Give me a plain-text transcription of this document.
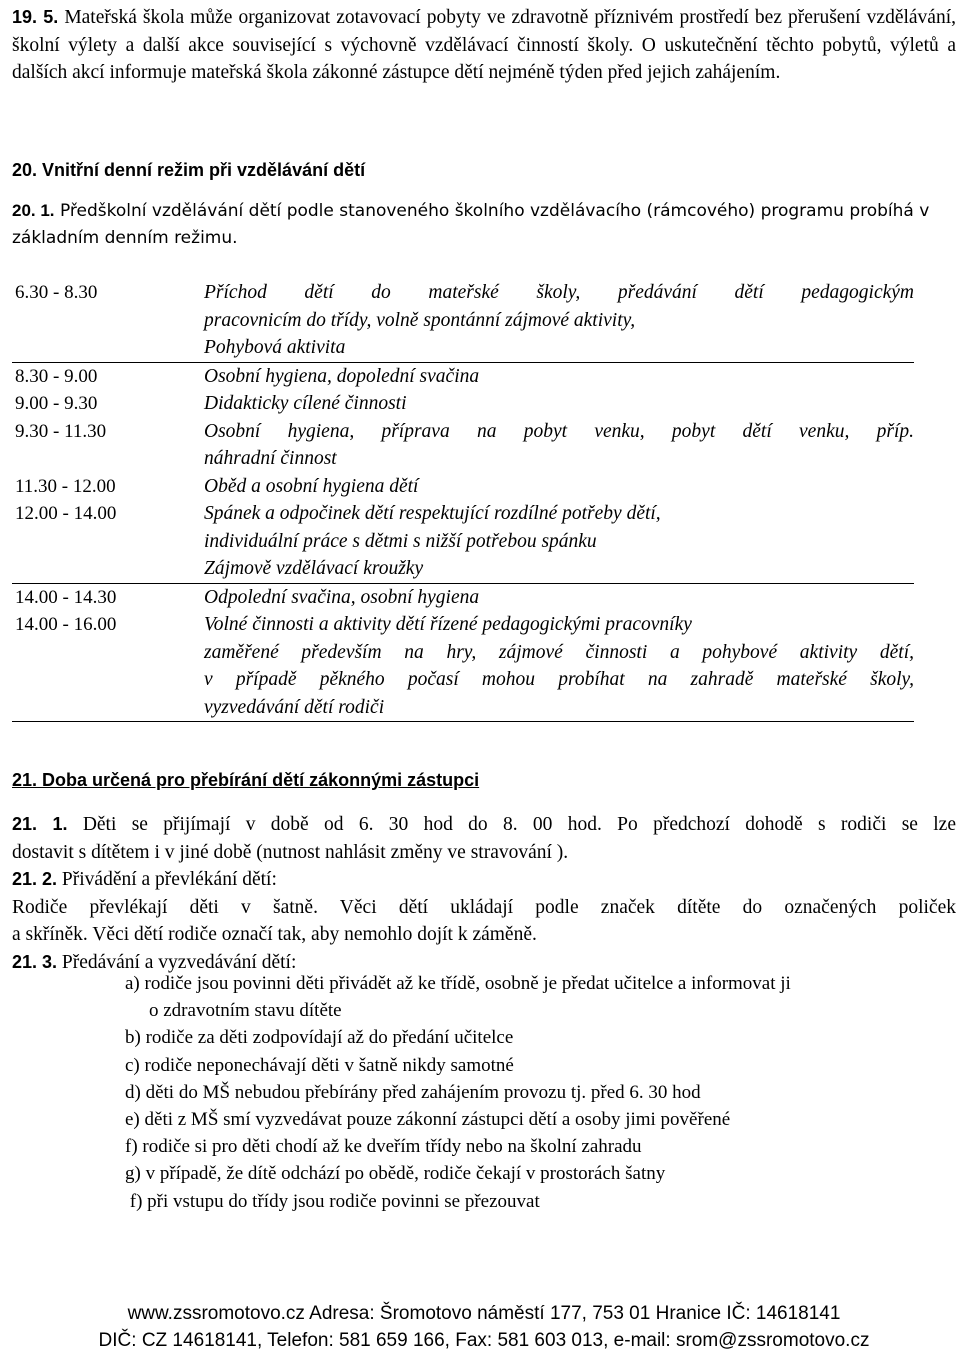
19. 5. Mateřská škola může organizovat zotavovací pobyty ve zdravotně příznivém prostředí bez přerušení vzdělávání, školní výlety a další akce související s výchovně vzdělávací činností školy. O uskutečnění těchto pobytů, výletů a dalších akcí informuje mateřská škola zákonné zástupce dětí nejméně týden před jejich zahájením.
20. Vnitřní denní režim při vzdělávání dětí
20. 1. Předškolní vzdělávání dětí podle stanoveného školního vzdělávacího (rámcového) programu probíhá v základním denním režimu.
6.30 - 8.30	Příchod dětí do mateřské školy, předávání dětí pedagogickým
pracovnicím do třídy, volně spontánní zájmové aktivity,
Pohybová aktivita

8.30 - 9.00	Osobní hygiena, dopolední svačina

9.00 - 9.30	Didakticky cílené činnosti

9.30 - 11.30	Osobní hygiena, příprava na pobyt venku, pobyt dětí venku, příp.
náhradní činnost

11.30 - 12.00	Oběd a osobní hygiena dětí

12.00 - 14.00	Spánek a odpočinek dětí respektující rozdílné potřeby dětí,
individuální práce s dětmi s nižší potřebou spánku
Zájmově vzdělávací kroužky

14.00 - 14.30	Odpolední svačina, osobní hygiena

14.00 - 16.00	Volné činnosti a aktivity dětí řízené pedagogickými pracovníky
zaměřené především na hry, zájmové činnosti a pohybové aktivity dětí,
v případě pěkného počasí mohou probíhat na zahradě mateřské školy,
vyzvedávání dětí rodiči
21. Doba určená pro přebírání dětí zákonnými zástupci
21. 1. Děti se přijímají v době od 6. 30 hod do 8. 00 hod. Po předchozí dohodě s rodiči se lze
dostavit s dítětem i v jiné době (nutnost nahlásit změny ve stravování ).
21. 2. Přivádění a převlékání dětí:
Rodiče převlékají děti v šatně. Věci dětí ukládají podle značek dítěte do označených poliček
a skříněk. Věci dětí rodiče označí tak, aby nemohlo dojít k záměně.
21. 3. Předávání a vyzvedávání dětí:
a) rodiče jsou povinni děti přivádět až ke třídě, osobně je předat učitelce a informovat ji
o zdravotním stavu dítěte
b) rodiče za děti zodpovídají až do předání učitelce
c) rodiče neponechávají děti v šatně nikdy samotné
d) děti do MŠ nebudou přebírány před zahájením provozu tj. před 6. 30 hod
e) děti z MŠ smí vyzvedávat pouze zákonní zástupci dětí a osoby jimi pověřené
f) rodiče si pro děti chodí až ke dveřím třídy nebo na školní zahradu
g) v případě, že dítě odchází po obědě, rodiče čekají v prostorách šatny
f) při vstupu do třídy jsou rodiče povinni se přezouvat
www.zssromotovo.cz Adresa: Šromotovo náměstí 177, 753 01 Hranice IČ: 14618141
DIČ: CZ 14618141, Telefon: 581 659 166, Fax: 581 603 013, e-mail: srom@zssromotovo.cz
